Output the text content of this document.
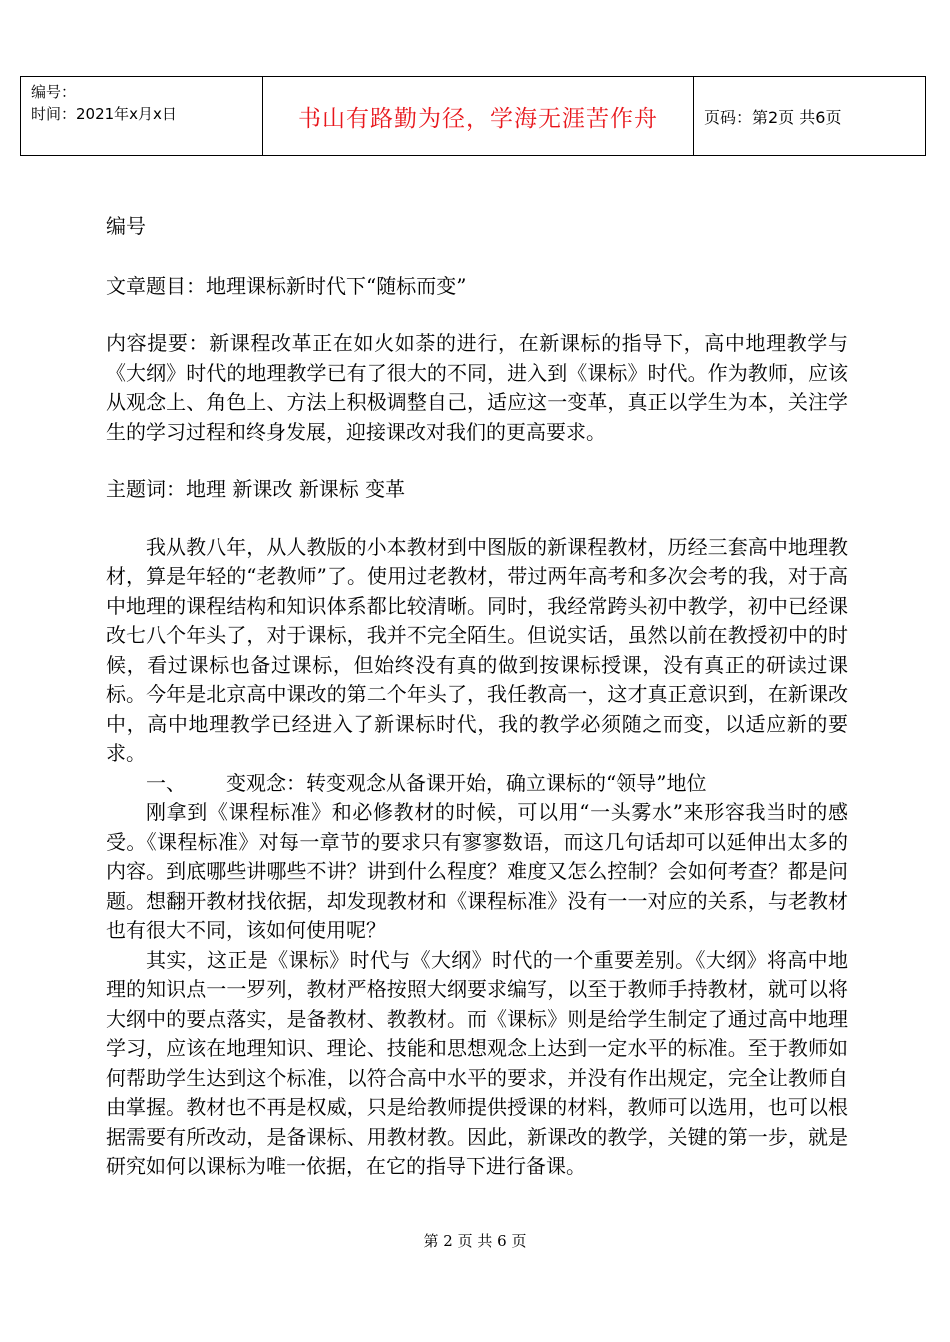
编号：
时间：2021年x月x日	书山有路勤为径，学海无涯苦作舟	页码：第2页 共6页

编号

文章题目：地理课标新时代下“随标而变”

内容提要：新课程改革正在如火如荼的进行，在新课标的指导下，高中地理教学与《大纲》时代的地理教学已有了很大的不同，进入到《课标》时代。作为教师，应该从观念上、角色上、方法上积极调整自己，适应这一变革，真正以学生为本，关注学生的学习过程和终身发展，迎接课改对我们的更高要求。

主题词：地理 新课改 新课标 变革

我从教八年，从人教版的小本教材到中图版的新课程教材，历经三套高中地理教材，算是年轻的“老教师”了。使用过老教材，带过两年高考和多次会考的我，对于高中地理的课程结构和知识体系都比较清晰。同时，我经常跨头初中教学，初中已经课改七八个年头了，对于课标，我并不完全陌生。但说实话，虽然以前在教授初中的时候，看过课标也备过课标，但始终没有真的做到按课标授课，没有真正的研读过课标。今年是北京高中课改的第二个年头了，我任教高一，这才真正意识到，在新课改中，高中地理教学已经进入了新课标时代，我的教学必须随之而变，以适应新的要求。

一、 变观念：转变观念从备课开始，确立课标的“领导”地位

刚拿到《课程标准》和必修教材的时候，可以用“一头雾水”来形容我当时的感受。《课程标准》对每一章节的要求只有寥寥数语，而这几句话却可以延伸出太多的内容。到底哪些讲哪些不讲？讲到什么程度？难度又怎么控制？会如何考查？都是问题。想翻开教材找依据，却发现教材和《课程标准》没有一一对应的关系，与老教材也有很大不同，该如何使用呢？

其实，这正是《课标》时代与《大纲》时代的一个重要差别。《大纲》将高中地理的知识点一一罗列，教材严格按照大纲要求编写，以至于教师手持教材，就可以将大纲中的要点落实，是备教材、教教材。而《课标》则是给学生制定了通过高中地理学习，应该在地理知识、理论、技能和思想观念上达到一定水平的标准。至于教师如何帮助学生达到这个标准，以符合高中水平的要求，并没有作出规定，完全让教师自由掌握。教材也不再是权威，只是给教师提供授课的材料，教师可以选用，也可以根据需要有所改动，是备课标、用教材教。因此，新课改的教学，关键的第一步，就是研究如何以课标为唯一依据，在它的指导下进行备课。

第 2 页 共 6 页
